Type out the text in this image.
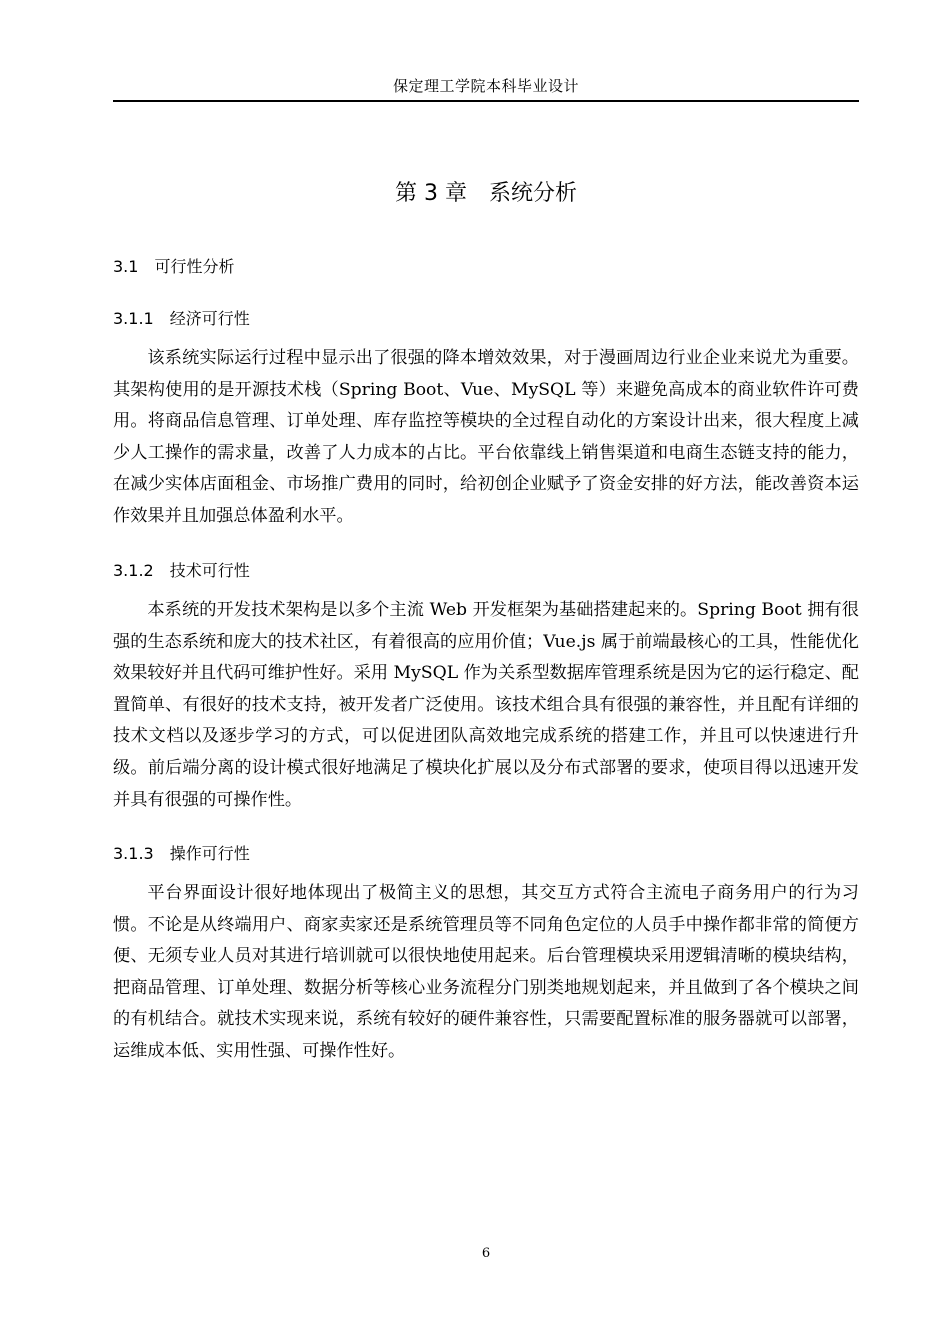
保定理工学院本科毕业设计
第 3 章　系统分析
3.1　可行性分析
3.1.1　经济可行性

该系统实际运行过程中显示出了很强的降本增效效果，对于漫画周边行业企业来说尤为重要。其架构使用的是开源技术栈（Spring Boot、Vue、MySQL 等）来避免高成本的商业软件许可费用。将商品信息管理、订单处理、库存监控等模块的全过程自动化的方案设计出来，很大程度上减少人工操作的需求量，改善了人力成本的占比。平台依靠线上销售渠道和电商生态链支持的能力，在减少实体店面租金、市场推广费用的同时，给初创企业赋予了资金安排的好方法，能改善资本运作效果并且加强总体盈利水平。

3.1.2　技术可行性

本系统的开发技术架构是以多个主流 Web 开发框架为基础搭建起来的。Spring Boot 拥有很强的生态系统和庞大的技术社区，有着很高的应用价值；Vue.js 属于前端最核心的工具，性能优化效果较好并且代码可维护性好。采用 MySQL 作为关系型数据库管理系统是因为它的运行稳定、配置简单、有很好的技术支持，被开发者广泛使用。该技术组合具有很强的兼容性，并且配有详细的技术文档以及逐步学习的方式，可以促进团队高效地完成系统的搭建工作，并且可以快速进行升级。前后端分离的设计模式很好地满足了模块化扩展以及分布式部署的要求，使项目得以迅速开发并具有很强的可操作性。

3.1.3　操作可行性

平台界面设计很好地体现出了极简主义的思想，其交互方式符合主流电子商务用户的行为习惯。不论是从终端用户、商家卖家还是系统管理员等不同角色定位的人员手中操作都非常的简便方便、无须专业人员对其进行培训就可以很快地使用起来。后台管理模块采用逻辑清晰的模块结构，把商品管理、订单处理、数据分析等核心业务流程分门别类地规划起来，并且做到了各个模块之间的有机结合。就技术实现来说，系统有较好的硬件兼容性，只需要配置标准的服务器就可以部署，运维成本低、实用性强、可操作性好。

6
